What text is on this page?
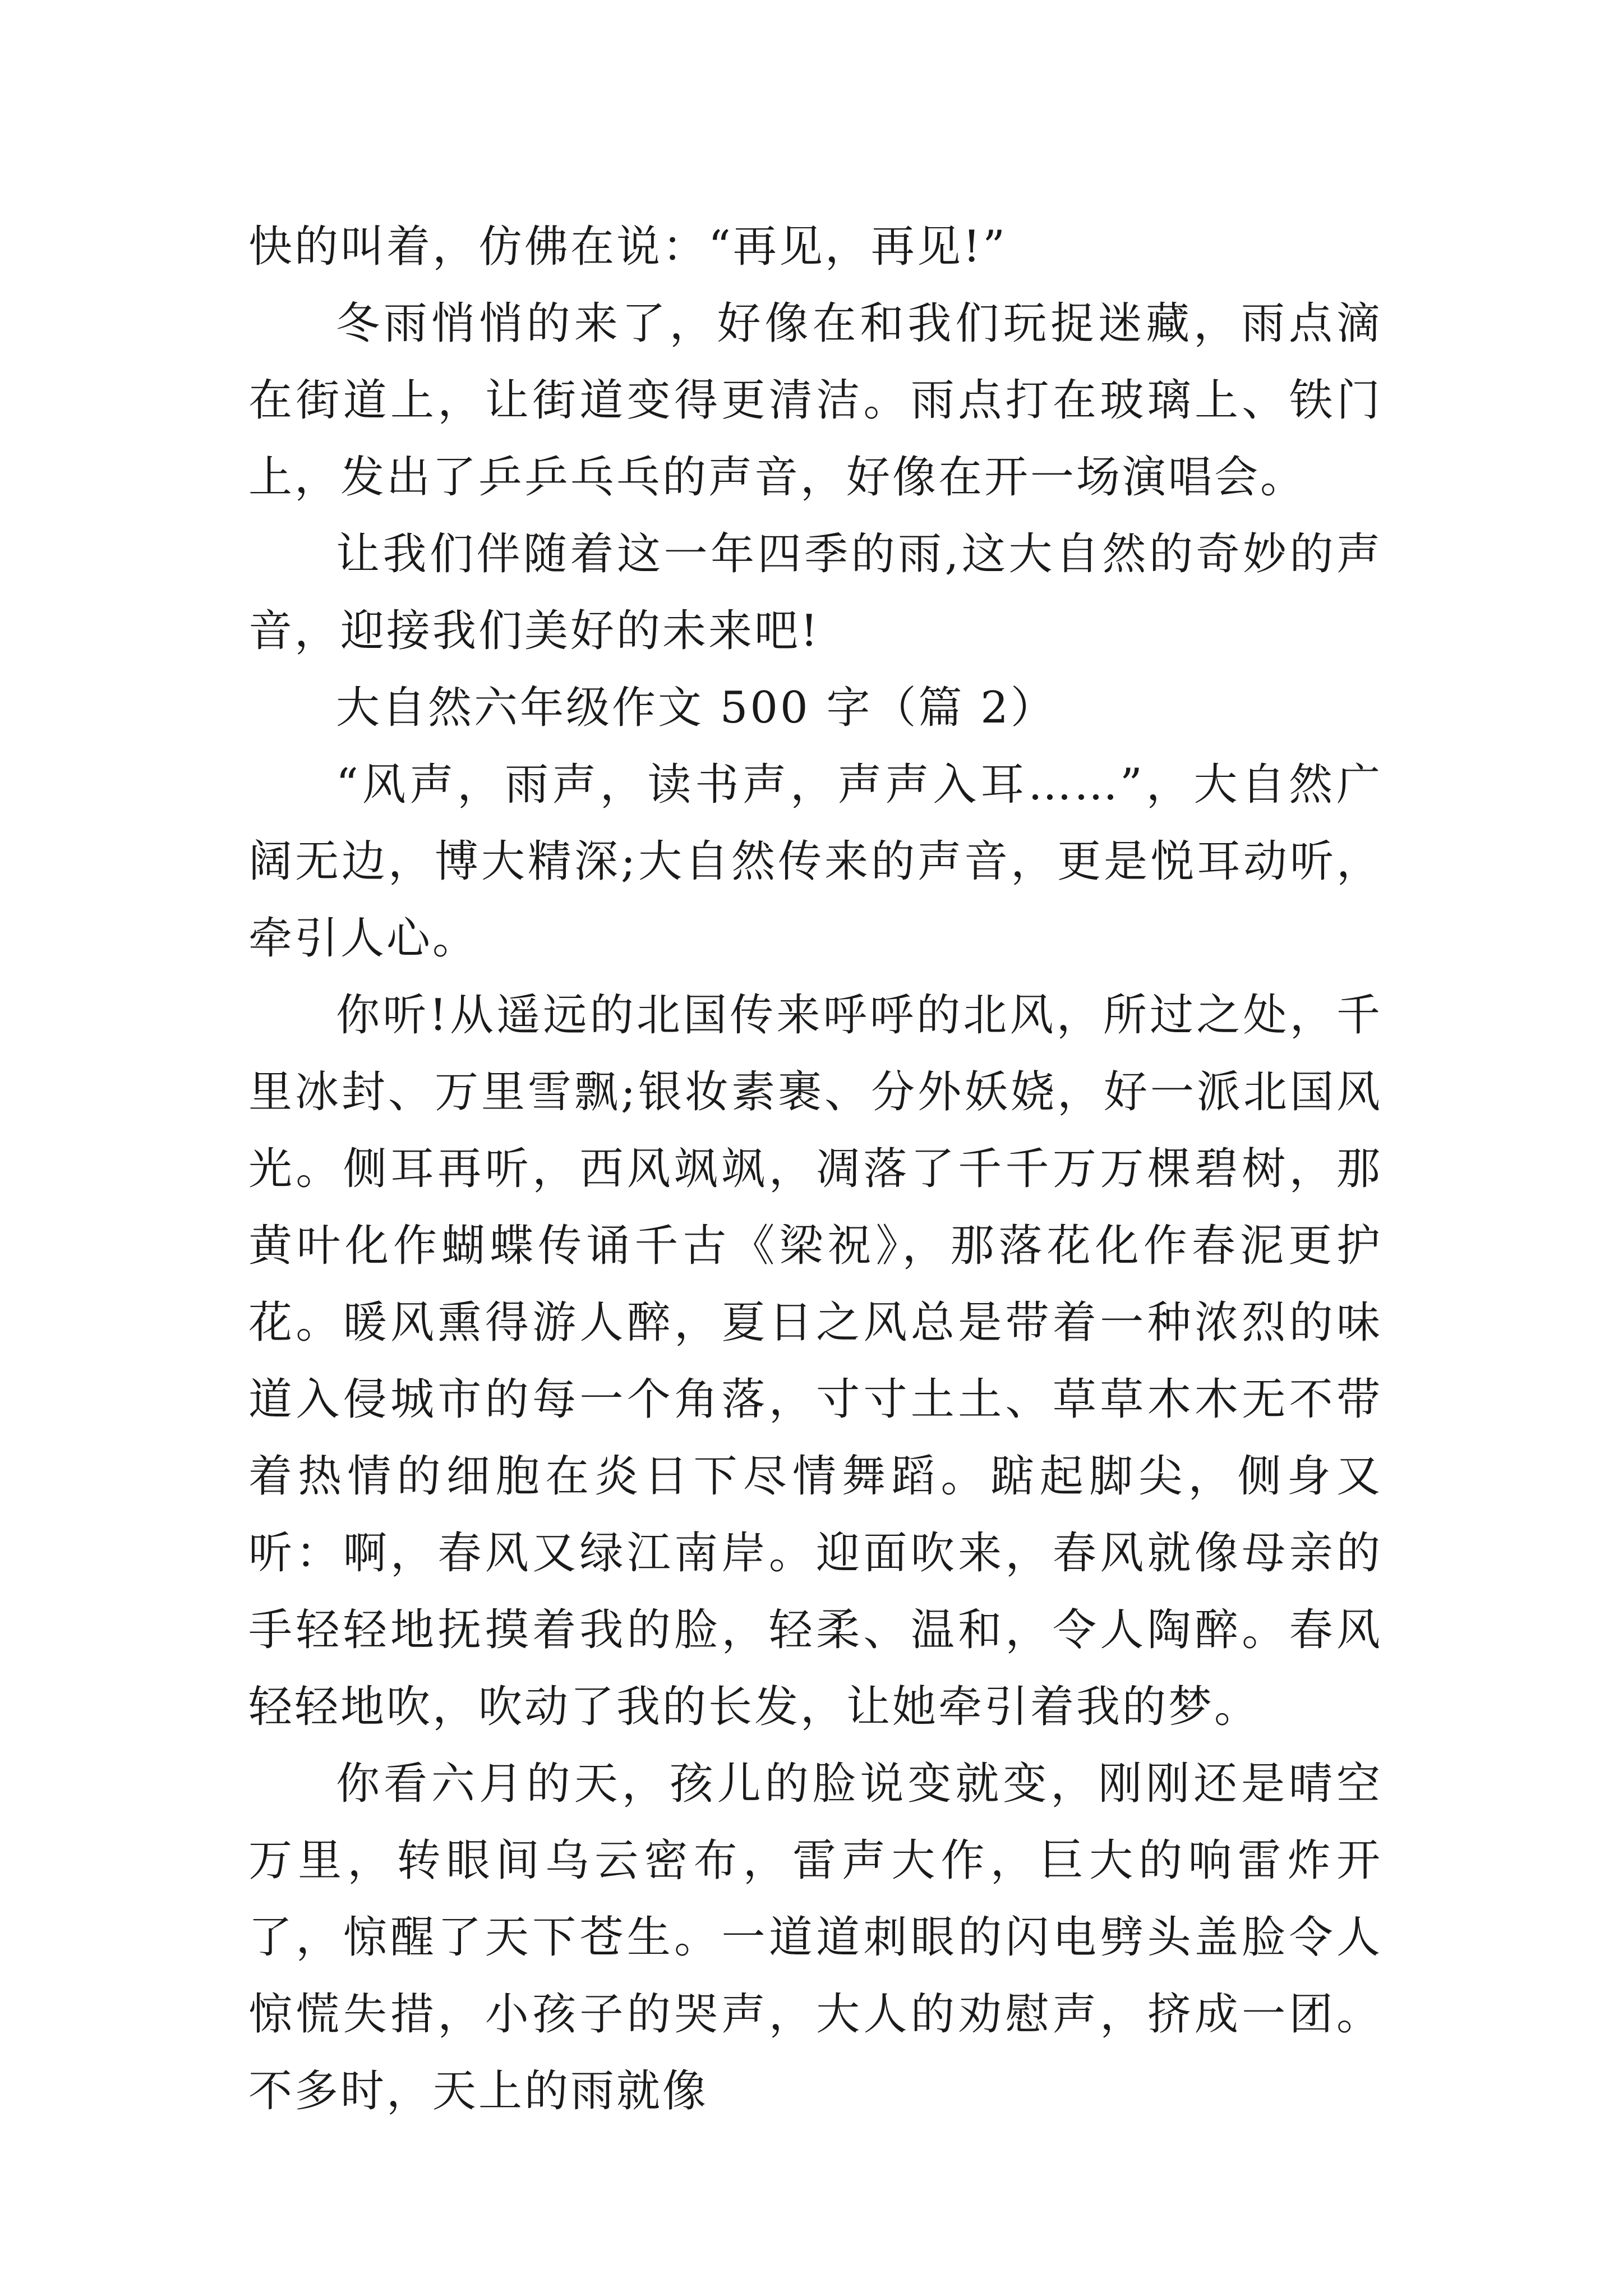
快的叫着，仿佛在说：“再见，再见!”

冬雨悄悄的来了，好像在和我们玩捉迷藏，雨点滴在街道上，让街道变得更清洁。雨点打在玻璃上、铁门上，发出了乒乒乓乓的声音，好像在开一场演唱会。

让我们伴随着这一年四季的雨,这大自然的奇妙的声音，迎接我们美好的未来吧!

大自然六年级作文 500 字（篇 2）

“风声，雨声，读书声，声声入耳……”，大自然广阔无边，博大精深;大自然传来的声音，更是悦耳动听，牵引人心。

你听!从遥远的北国传来呼呼的北风，所过之处，千里冰封、万里雪飘;银妆素裹、分外妖娆，好一派北国风光。侧耳再听，西风飒飒，凋落了千千万万棵碧树，那黄叶化作蝴蝶传诵千古《梁祝》，那落花化作春泥更护花。暖风熏得游人醉，夏日之风总是带着一种浓烈的味道入侵城市的每一个角落，寸寸土土、草草木木无不带着热情的细胞在炎日下尽情舞蹈。踮起脚尖，侧身又听：啊，春风又绿江南岸。迎面吹来，春风就像母亲的手轻轻地抚摸着我的脸，轻柔、温和，令人陶醉。春风轻轻地吹，吹动了我的长发，让她牵引着我的梦。

你看六月的天，孩儿的脸说变就变，刚刚还是晴空万里，转眼间乌云密布，雷声大作，巨大的响雷炸开了，惊醒了天下苍生。一道道刺眼的闪电劈头盖脸令人惊慌失措，小孩子的哭声，大人的劝慰声，挤成一团。不多时，天上的雨就像
